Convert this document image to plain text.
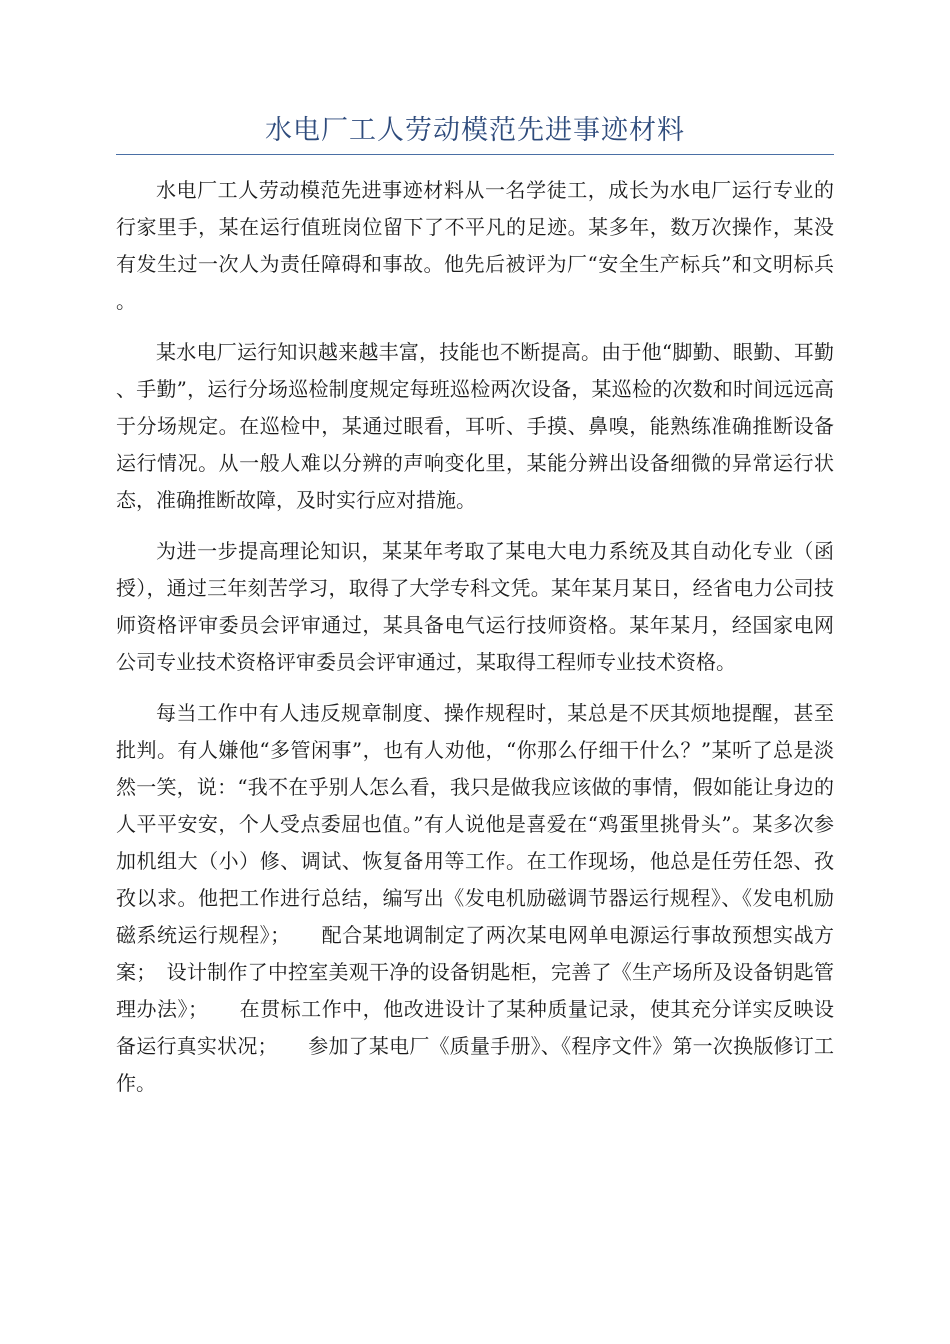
水电厂工人劳动模范先进事迹材料

水电厂工人劳动模范先进事迹材料从一名学徒工，成长为水电厂运行专业的行家里手，某在运行值班岗位留下了不平凡的足迹。某多年，数万次操作，某没有发生过一次人为责任障碍和事故。他先后被评为厂“安全生产标兵”和文明标兵。

某水电厂运行知识越来越丰富，技能也不断提高。由于他“脚勤、眼勤、耳勤、手勤”，运行分场巡检制度规定每班巡检两次设备，某巡检的次数和时间远远高于分场规定。在巡检中，某通过眼看，耳听、手摸、鼻嗅，能熟练准确推断设备运行情况。从一般人难以分辨的声响变化里，某能分辨出设备细微的异常运行状态，准确推断故障，及时实行应对措施。

为进一步提高理论知识，某某年考取了某电大电力系统及其自动化专业（函授），通过三年刻苦学习，取得了大学专科文凭。某年某月某日，经省电力公司技师资格评审委员会评审通过，某具备电气运行技师资格。某年某月，经国家电网公司专业技术资格评审委员会评审通过，某取得工程师专业技术资格。

每当工作中有人违反规章制度、操作规程时，某总是不厌其烦地提醒，甚至批判。有人嫌他“多管闲事”，也有人劝他，“你那么仔细干什么？”某听了总是淡然一笑，说：“我不在乎别人怎么看，我只是做我应该做的事情，假如能让身边的人平平安安，个人受点委屈也值。”有人说他是喜爱在“鸡蛋里挑骨头”。某多次参加机组大（小）修、调试、恢复备用等工作。在工作现场，他总是任劳任怨、孜孜以求。他把工作进行总结，编写出《发电机励磁调节器运行规程》、《发电机励磁系统运行规程》；　　配合某地调制定了两次某电网单电源运行事故预想实战方案；　设计制作了中控室美观干净的设备钥匙柜，完善了《生产场所及设备钥匙管理办法》；　　在贯标工作中，他改进设计了某种质量记录，使其充分详实反映设备运行真实状况；　　参加了某电厂《质量手册》、《程序文件》第一次换版修订工作。
